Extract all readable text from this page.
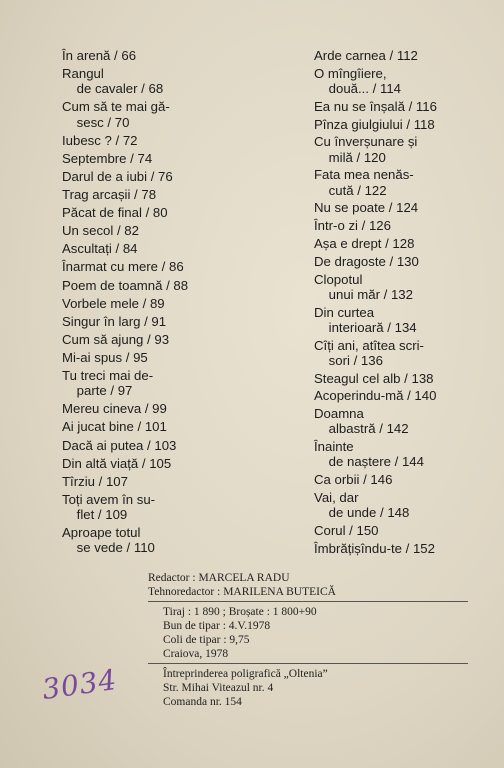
În arenă / 66
Rangul
de cavaler / 68
Cum să te mai gă-
sesc / 70
Iubesc ? / 72
Septembre / 74
Darul de a iubi / 76
Trag arcașii / 78
Păcat de final / 80
Un secol / 82
Ascultați / 84
Înarmat cu mere / 86
Poem de toamnă / 88
Vorbele mele / 89
Singur în larg / 91
Cum să ajung / 93
Mi-ai spus / 95
Tu treci mai de-
parte / 97
Mereu cineva / 99
Ai jucat bine / 101
Dacă ai putea / 103
Din altă viață / 105
Tîrziu / 107
Toți avem în su-
flet / 109
Aproape totul
se vede / 110
Arde carnea / 112
O mîngîiere,
două... / 114
Ea nu se înșală / 116
Pînza giulgiului / 118
Cu înverșunare și
milă / 120
Fata mea nenăs-
cută / 122
Nu se poate / 124
Într-o zi / 126
Așa e drept / 128
De dragoste / 130
Clopotul
unui măr / 132
Din curtea
interioară / 134
Cîți ani, atîtea scri-
sori / 136
Steagul cel alb / 138
Acoperindu-mă / 140
Doamna
albastră / 142
Înainte
de naștere / 144
Ca orbii / 146
Vai, dar
de unde / 148
Corul / 150
Îmbrățișîndu-te / 152
Redactor : MARCELA RADU
Tehnoredactor : MARILENA BUTEICĂ
Tiraj : 1 890 ; Broșate : 1 800+90
Bun de tipar : 4.V.1978
Coli de tipar : 9,75
Craiova, 1978
Întreprinderea poligrafică „Oltenia”
Str. Mihai Viteazul nr. 4
Comanda nr. 154
3034
